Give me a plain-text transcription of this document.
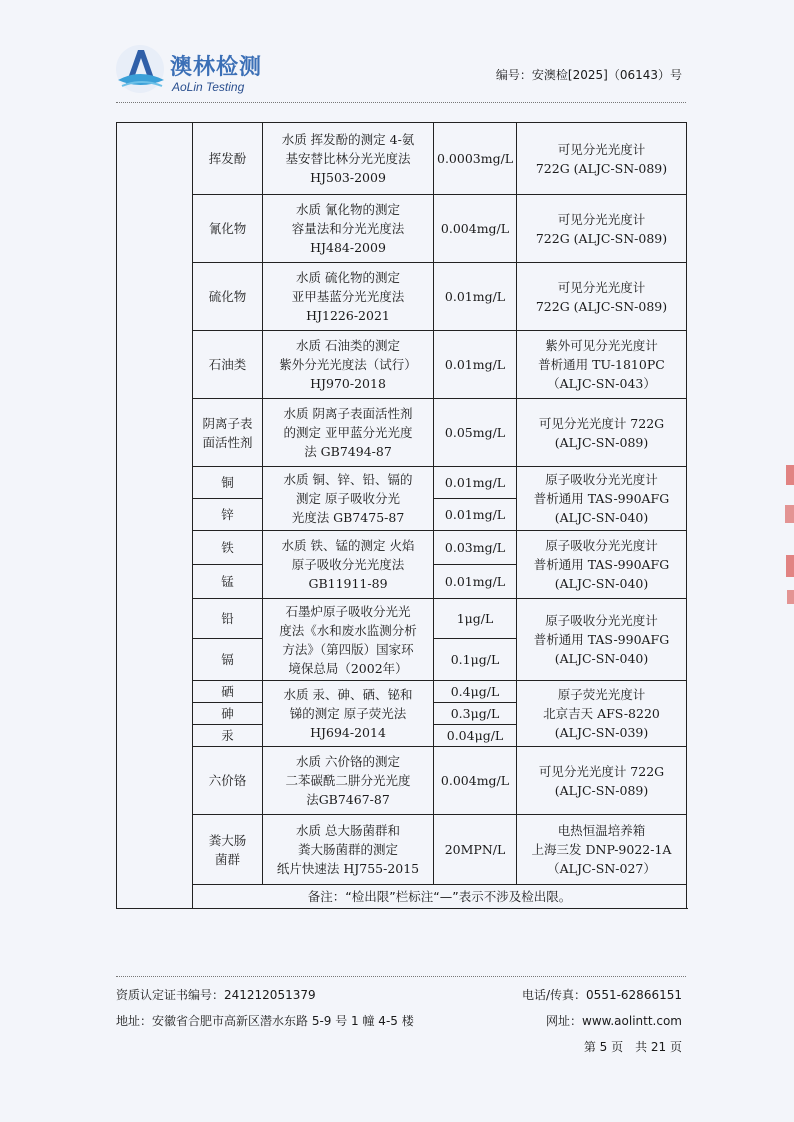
澳林检测
AoLin Testing
编号：安澳检[2025]（06143）号
	挥发酚	水质 挥发酚的测定 4-氨
基安替比林分光光度法
HJ503-2009	0.0003mg/L	可见分光光度计
722G (ALJC-SN-089)
	氰化物	水质 氰化物的测定
容量法和分光光度法
HJ484-2009	0.004mg/L	可见分光光度计
722G (ALJC-SN-089)
	硫化物	水质 硫化物的测定
亚甲基蓝分光光度法
HJ1226-2021	0.01mg/L	可见分光光度计
722G (ALJC-SN-089)
	石油类	水质 石油类的测定
紫外分光光度法（试行）
HJ970-2018	0.01mg/L	紫外可见分光光度计
普析通用 TU-1810PC
（ALJC-SN-043）
	阴离子表
面活性剂	水质 阴离子表面活性剂
的测定 亚甲蓝分光光度
法 GB7494-87	0.05mg/L	可见分光光度计 722G
(ALJC-SN-089)
	铜	水质 铜、锌、铅、镉的
测定 原子吸收分光
光度法 GB7475-87	0.01mg/L	原子吸收分光光度计
普析通用 TAS-990AFG
(ALJC-SN-040)
	锌		0.01mg/L	
	铁	水质 铁、锰的测定 火焰
原子吸收分光光度法
GB11911-89	0.03mg/L	原子吸收分光光度计
普析通用 TAS-990AFG
(ALJC-SN-040)
	锰		0.01mg/L	
	铅	石墨炉原子吸收分光光
度法《水和废水监测分析
方法》（第四版）国家环
境保总局（2002年）	1μg/L	原子吸收分光光度计
普析通用 TAS-990AFG
(ALJC-SN-040)
	镉		0.1μg/L	
	硒	水质 汞、砷、硒、铋和
锑的测定 原子荧光法
HJ694-2014	0.4μg/L	原子荧光光度计
北京吉天 AFS-8220
(ALJC-SN-039)
	砷		0.3μg/L	
	汞		0.04μg/L	
	六价铬	水质 六价铬的测定
二苯碳酰二肼分光光度
法GB7467-87	0.004mg/L	可见分光光度计 722G
(ALJC-SN-089)
	粪大肠
菌群	水质 总大肠菌群和
粪大肠菌群的测定
纸片快速法 HJ755-2015	20MPN/L	电热恒温培养箱
上海三发 DNP-9022-1A
（ALJC-SN-027）
	备注：“检出限”栏标注“—”表示不涉及检出限。			
资质认定证书编号：241212051379	电话/传真：0551-62866151
地址：安徽省合肥市高新区潜水东路 5-9 号 1 幢 4-5 楼	网址：www.aolintt.com
第 5 页　共 21 页
